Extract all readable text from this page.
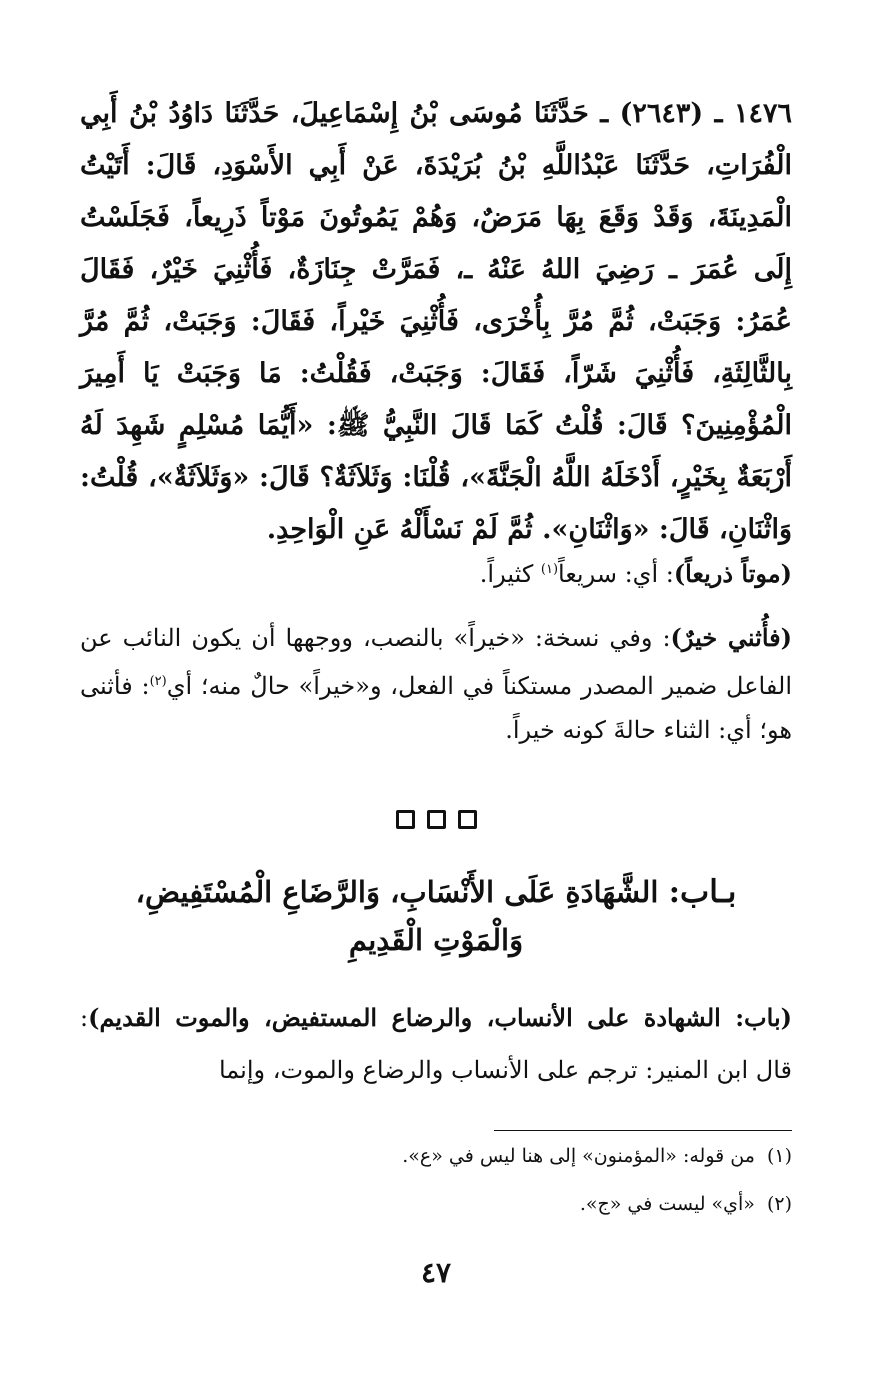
١٤٧٦ ـ (٢٦٤٣) ـ حَدَّثَنَا مُوسَى بْنُ إِسْمَاعِيلَ، حَدَّثَنَا دَاوُدُ بْنُ أَبِي الْفُرَاتِ، حَدَّثَنَا عَبْدُاللَّهِ بْنُ بُرَيْدَةَ، عَنْ أَبِي الأَسْوَدِ، قَالَ: أَتَيْتُ الْمَدِينَةَ، وَقَدْ وَقَعَ بِهَا مَرَضٌ، وَهُمْ يَمُوتُونَ مَوْتاً ذَرِيعاً، فَجَلَسْتُ إِلَى عُمَرَ ـ رَضِيَ اللهُ عَنْهُ ـ، فَمَرَّتْ جِنَازَةٌ، فَأُثْنِيَ خَيْرٌ، فَقَالَ عُمَرُ: وَجَبَتْ، ثُمَّ مُرَّ بِأُخْرَى، فَأُثْنِيَ خَيْراً، فَقَالَ: وَجَبَتْ، ثُمَّ مُرَّ بِالثَّالِثَةِ، فَأُثْنِيَ شَرّاً، فَقَالَ: وَجَبَتْ، فَقُلْتُ: مَا وَجَبَتْ يَا أَمِيرَ الْمُؤْمِنِينَ؟ قَالَ: قُلْتُ كَمَا قَالَ النَّبِيُّ ﷺ: «أَيُّمَا مُسْلِمٍ شَهِدَ لَهُ أَرْبَعَةٌ بِخَيْرٍ، أَدْخَلَهُ اللَّهُ الْجَنَّةَ»، قُلْنَا: وَثَلاَثَةٌ؟ قَالَ: «وَثَلاَثَةٌ»، قُلْتُ: وَاثْنَانِ، قَالَ: «وَاثْنَانِ». ثُمَّ لَمْ نَسْأَلْهُ عَنِ الْوَاحِدِ.

(موتاً ذريعاً): أي: سريعاً$^{(١)}$ كثيراً.

(فأُثني خيرٌ): وفي نسخة: «خيراً» بالنصب، ووجهها أن يكون النائب عن الفاعل ضمير المصدر مستكناً في الفعل، و«خيراً» حالٌ منه؛ أي$^{(٢)}$: فأثنى هو؛ أي: الثناء حالةَ كونه خيراً.

بـاب: الشَّهَادَةِ عَلَى الأَنْسَابِ، وَالرَّضَاعِ الْمُسْتَفِيضِ،
وَالْمَوْتِ الْقَدِيمِ

(باب: الشهادة على الأنساب، والرضاع المستفيض، والموت القديم): قال ابن المنير: ترجم على الأنساب والرضاع والموت، وإنما

(١)من قوله: «المؤمنون» إلى هنا ليس في «ع».

(٢)«أي» ليست في «ج».

٤٧
